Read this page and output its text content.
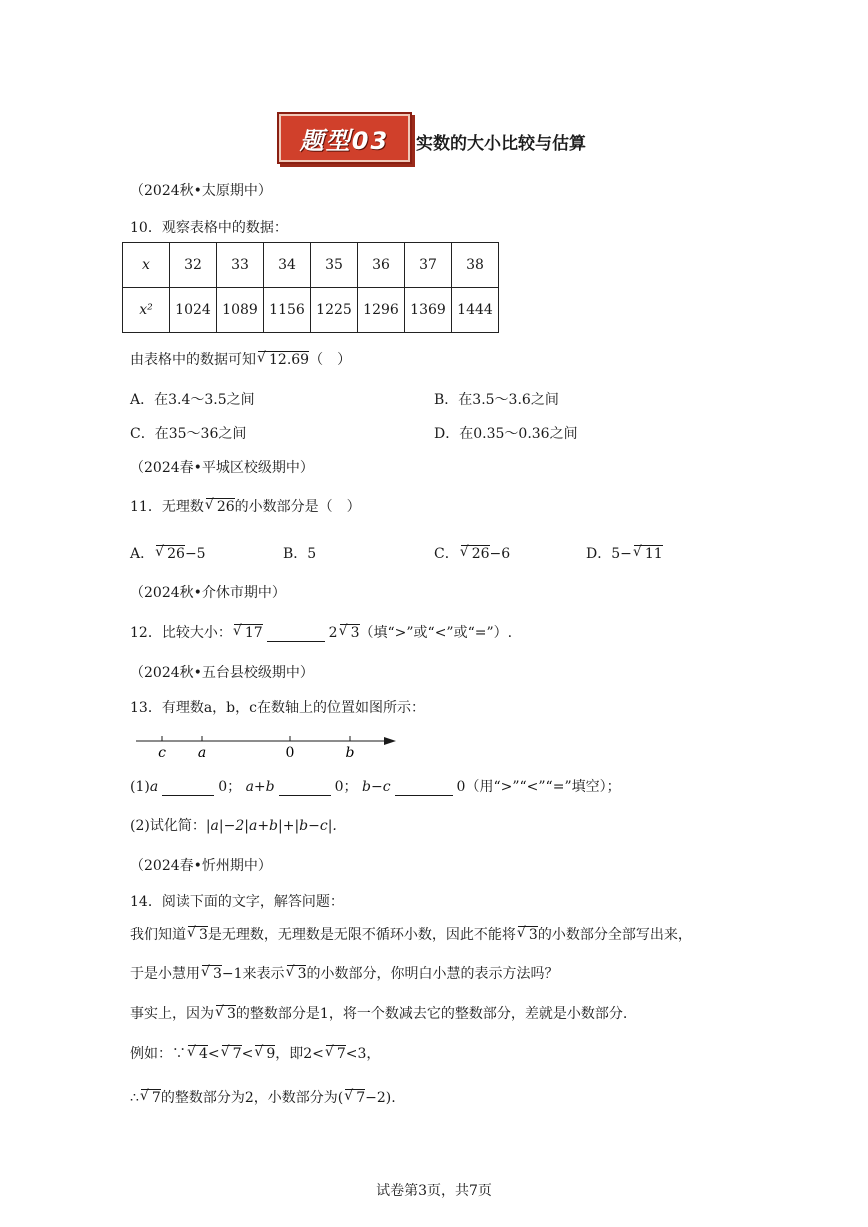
题型03 实数的大小比较与估算
（2024秋•太原期中）
10．观察表格中的数据：
x	32	33	34	35	36	37	38
x²	1024	1089	1156	1225	1296	1369	1444
由表格中的数据可知 √ 12.69（　）
A．在3.4～3.5之间	B．在3.5～3.6之间
C．在35～36之间	D．在0.35～0.36之间
（2024春•平城区校级期中）
11．无理数 √ 26的小数部分是（　）
A． √ 26−5	B．5	C． √ 26−6	D．5− √ 11
（2024秋•介休市期中）
12．比较大小： √ 17	2 √ 3（填“>”或“<”或“=”）.
（2024秋•五台县校级期中）
13．有理数a，b，c在数轴上的位置如图所示：
c a	0	b
(1)a	0； a+b	0； b−c	0（用“>”“<”“=”填空）；
(2)试化简：|a|−2|a+b|+|b−c|.
（2024春•忻州期中）
14．阅读下面的文字，解答问题：
我们知道 √ 3是无理数，无理数是无限不循环小数，因此不能将 √ 3的小数部分全部写出来，
于是小慧用 √ 3−1来表示 √ 3的小数部分，你明白小慧的表示方法吗？
事实上，因为 √ 3的整数部分是1，将一个数减去它的整数部分，差就是小数部分.
例如：∵ √ 4< √ 7< √ 9，即2< √ 7<3，
∴ √ 7的整数部分为2，小数部分为( √ 7−2).
试卷第3页，共7页
